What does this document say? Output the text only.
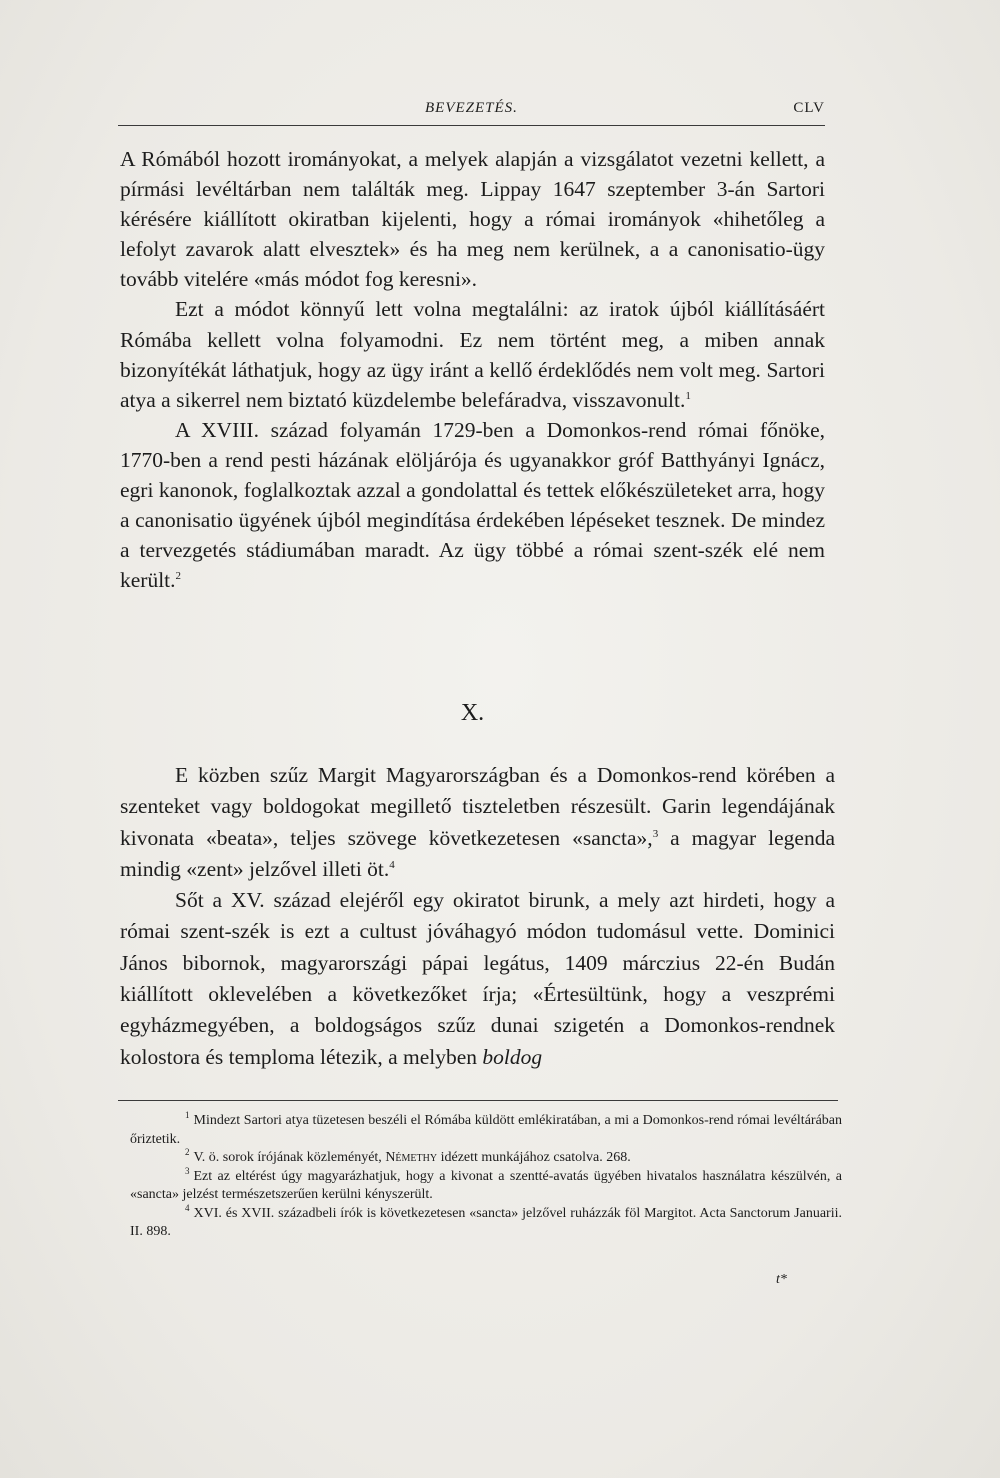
BEVEZETÉS.	CLV

A Rómából hozott irományokat, a melyek alapján a vizsgálatot vezetni kellett, a pírmási levéltárban nem találták meg. Lippay 1647 szeptember 3-án Sartori kérésére kiállított okiratban kijelenti, hogy a római irományok «hihetőleg a lefolyt zavarok alatt elvesztek» és ha meg nem kerülnek, a a canonisatio-ügy tovább vitelére «más módot fog keresni».

Ezt a módot könnyű lett volna megtalálni: az iratok újból kiállításáért Rómába kellett volna folyamodni. Ez nem történt meg, a miben annak bizonyítékát láthatjuk, hogy az ügy iránt a kellő érdeklődés nem volt meg. Sartori atya a sikerrel nem biztató küzdelembe belefáradva, visszavonult.$^1$

A XVIII. század folyamán 1729-ben a Domonkos-rend római főnöke, 1770-ben a rend pesti házának elöljárója és ugyanakkor gróf Batthyányi Ignácz, egri kanonok, foglalkoztak azzal a gondolattal és tettek előkészületeket arra, hogy a canonisatio ügyének újból megindítása érdekében lépéseket tesznek. De mindez a tervezgetés stádiumában maradt. Az ügy többé a római szent-szék elé nem került.$^2$

X.

E közben szűz Margit Magyarországban és a Domonkos-rend körében a szenteket vagy boldogokat megillető tiszteletben részesült. Garin legendájának kivonata «beata», teljes szövege következetesen «sancta»,$^3$ a magyar legenda mindig «zent» jelzővel illeti öt.$^4$

Sőt a XV. század elejéről egy okiratot birunk, a mely azt hirdeti, hogy a római szent-szék is ezt a cultust jóváhagyó módon tudomásul vette. Dominici János bibornok, magyarországi pápai legátus, 1409 márczius 22-én Budán kiállított oklevelében a következőket írja; «Értesültünk, hogy a veszprémi egyházmegyében, a boldogságos szűz dunai szigetén a Domonkos-rendnek kolostora és temploma létezik, a melyben boldog

$^1$ Mindezt Sartori atya tüzetesen beszéli el Rómába küldött emlékiratában, a mi a Domonkos-rend római levéltárában őriztetik.

$^2$ V. ö. sorok írójának közleményét, Némethy idézett munkájához csatolva. 268.

$^3$ Ezt az eltérést úgy magyarázhatjuk, hogy a kivonat a szentté-avatás ügyében hivatalos használatra készülvén, a «sancta» jelzést természetszerűen kerülni kényszerült.

$^4$ XVI. és XVII. századbeli írók is következetesen «sancta» jelzővel ruházzák föl Margitot. Acta Sanctorum Januarii. II. 898.

t*
